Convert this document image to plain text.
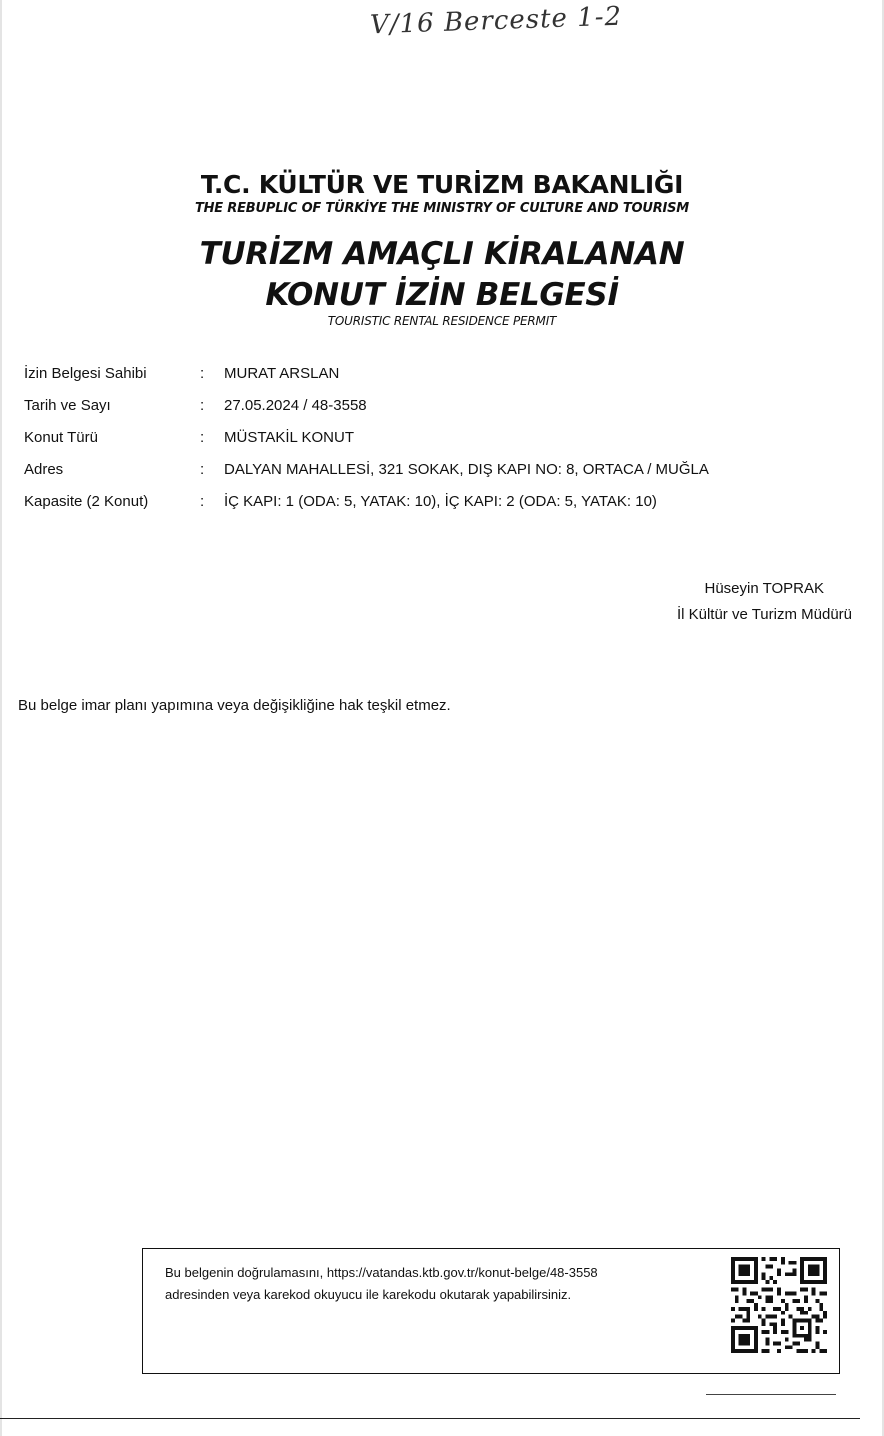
V/16 Berceste 1-2
T.C. KÜLTÜR VE TURİZM BAKANLIĞI
THE REBUPLIC OF TÜRKİYE THE MINISTRY OF CULTURE AND TOURISM
TURİZM AMAÇLI KİRALANAN
KONUT İZİN BELGESİ
TOURISTIC RENTAL RESIDENCE PERMIT
İzin Belgesi Sahibi	: MURAT ARSLAN
Tarih ve Sayı	: 27.05.2024 / 48-3558
Konut Türü	: MÜSTAKİL KONUT
Adres	: DALYAN MAHALLESİ, 321 SOKAK, DIŞ KAPI NO: 8, ORTACA / MUĞLA
Kapasite (2 Konut)	: İÇ KAPI: 1 (ODA: 5, YATAK: 10), İÇ KAPI: 2 (ODA: 5, YATAK: 10)
Hüseyin TOPRAK
İl Kültür ve Turizm Müdürü
Bu belge imar planı yapımına veya değişikliğine hak teşkil etmez.
Bu belgenin doğrulamasını, https://vatandas.ktb.gov.tr/konut-belge/48-3558
adresinden veya karekod okuyucu ile karekodu okutarak yapabilirsiniz.
